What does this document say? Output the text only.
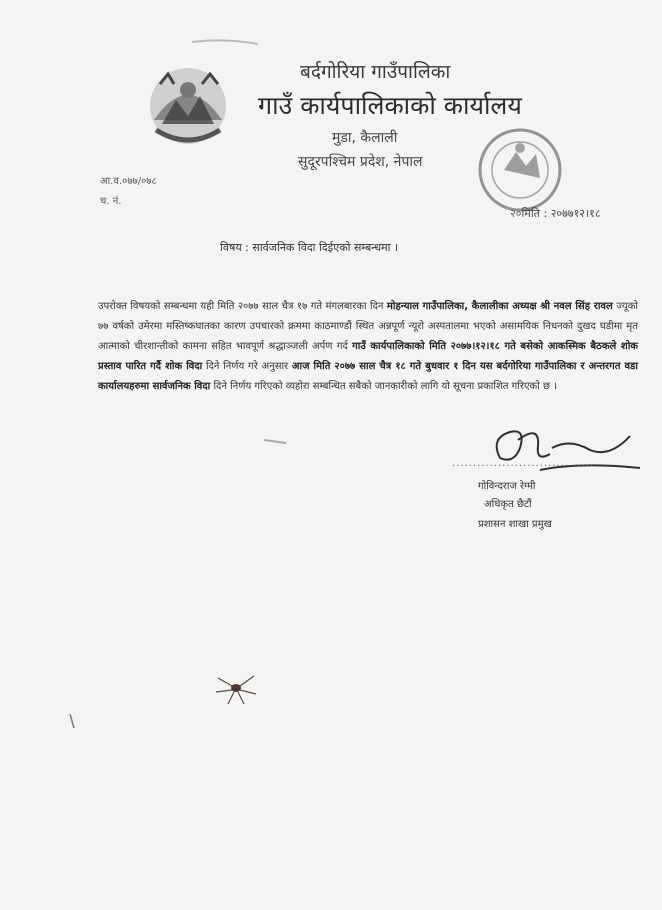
बर्दगोरिया गाउँपालिका
गाउँ कार्यपालिकाको कार्यालय
मुडा, कैलाली
सुदूरपश्चिम प्रदेश, नेपाल
आ.व.०७७/०७८
च. नं.
२०मिति : २०७७१२।१८
विषय : सार्वजनिक विदा दिईएको सम्बन्धमा ।
उपरोक्त विषयको सम्बन्धमा यही मिति २०७७ साल चैत्र १७ गते मंगलबारका दिन मोहन्याल गाउँपालिका, कैलालीका अध्यक्ष श्री नवल सिंह रावल ज्यूको ७७ वर्षको उमेरमा मस्तिष्कघातका कारण उपचारको क्रममा काठमाण्डौं स्थित अन्नपूर्ण न्यूरो अस्पतालमा भएको असामयिक निधनको दुखद घडीमा मृत आत्माको चीरशान्तीको कामना सहित भावपूर्ण श्रद्धाञ्जली अर्पण गर्द गाउँ कार्यपालिकाको मिति २०७७।१२।१८ गते बसेको आकस्मिक बैठकले शोक प्रस्ताव पारित गर्दै शोक विदा दिने निर्णय गरे अनुसार आज मिति २०७७ साल चैत्र १८ गते बुधवार १ दिन यस बर्दगोरिया गाउँपालिका र अन्तरगत वडा कार्यालयहरुमा सार्वजनिक विदा दिने निर्णय गरिएको व्यहोरा सम्बन्धित सबैको जानकारीको लागि यो सूचना प्रकाशित गरिएको छ ।
..................................
गोविन्दराज रेग्मी
अधिकृत छैटौं
प्रशासन शाखा प्रमुख
